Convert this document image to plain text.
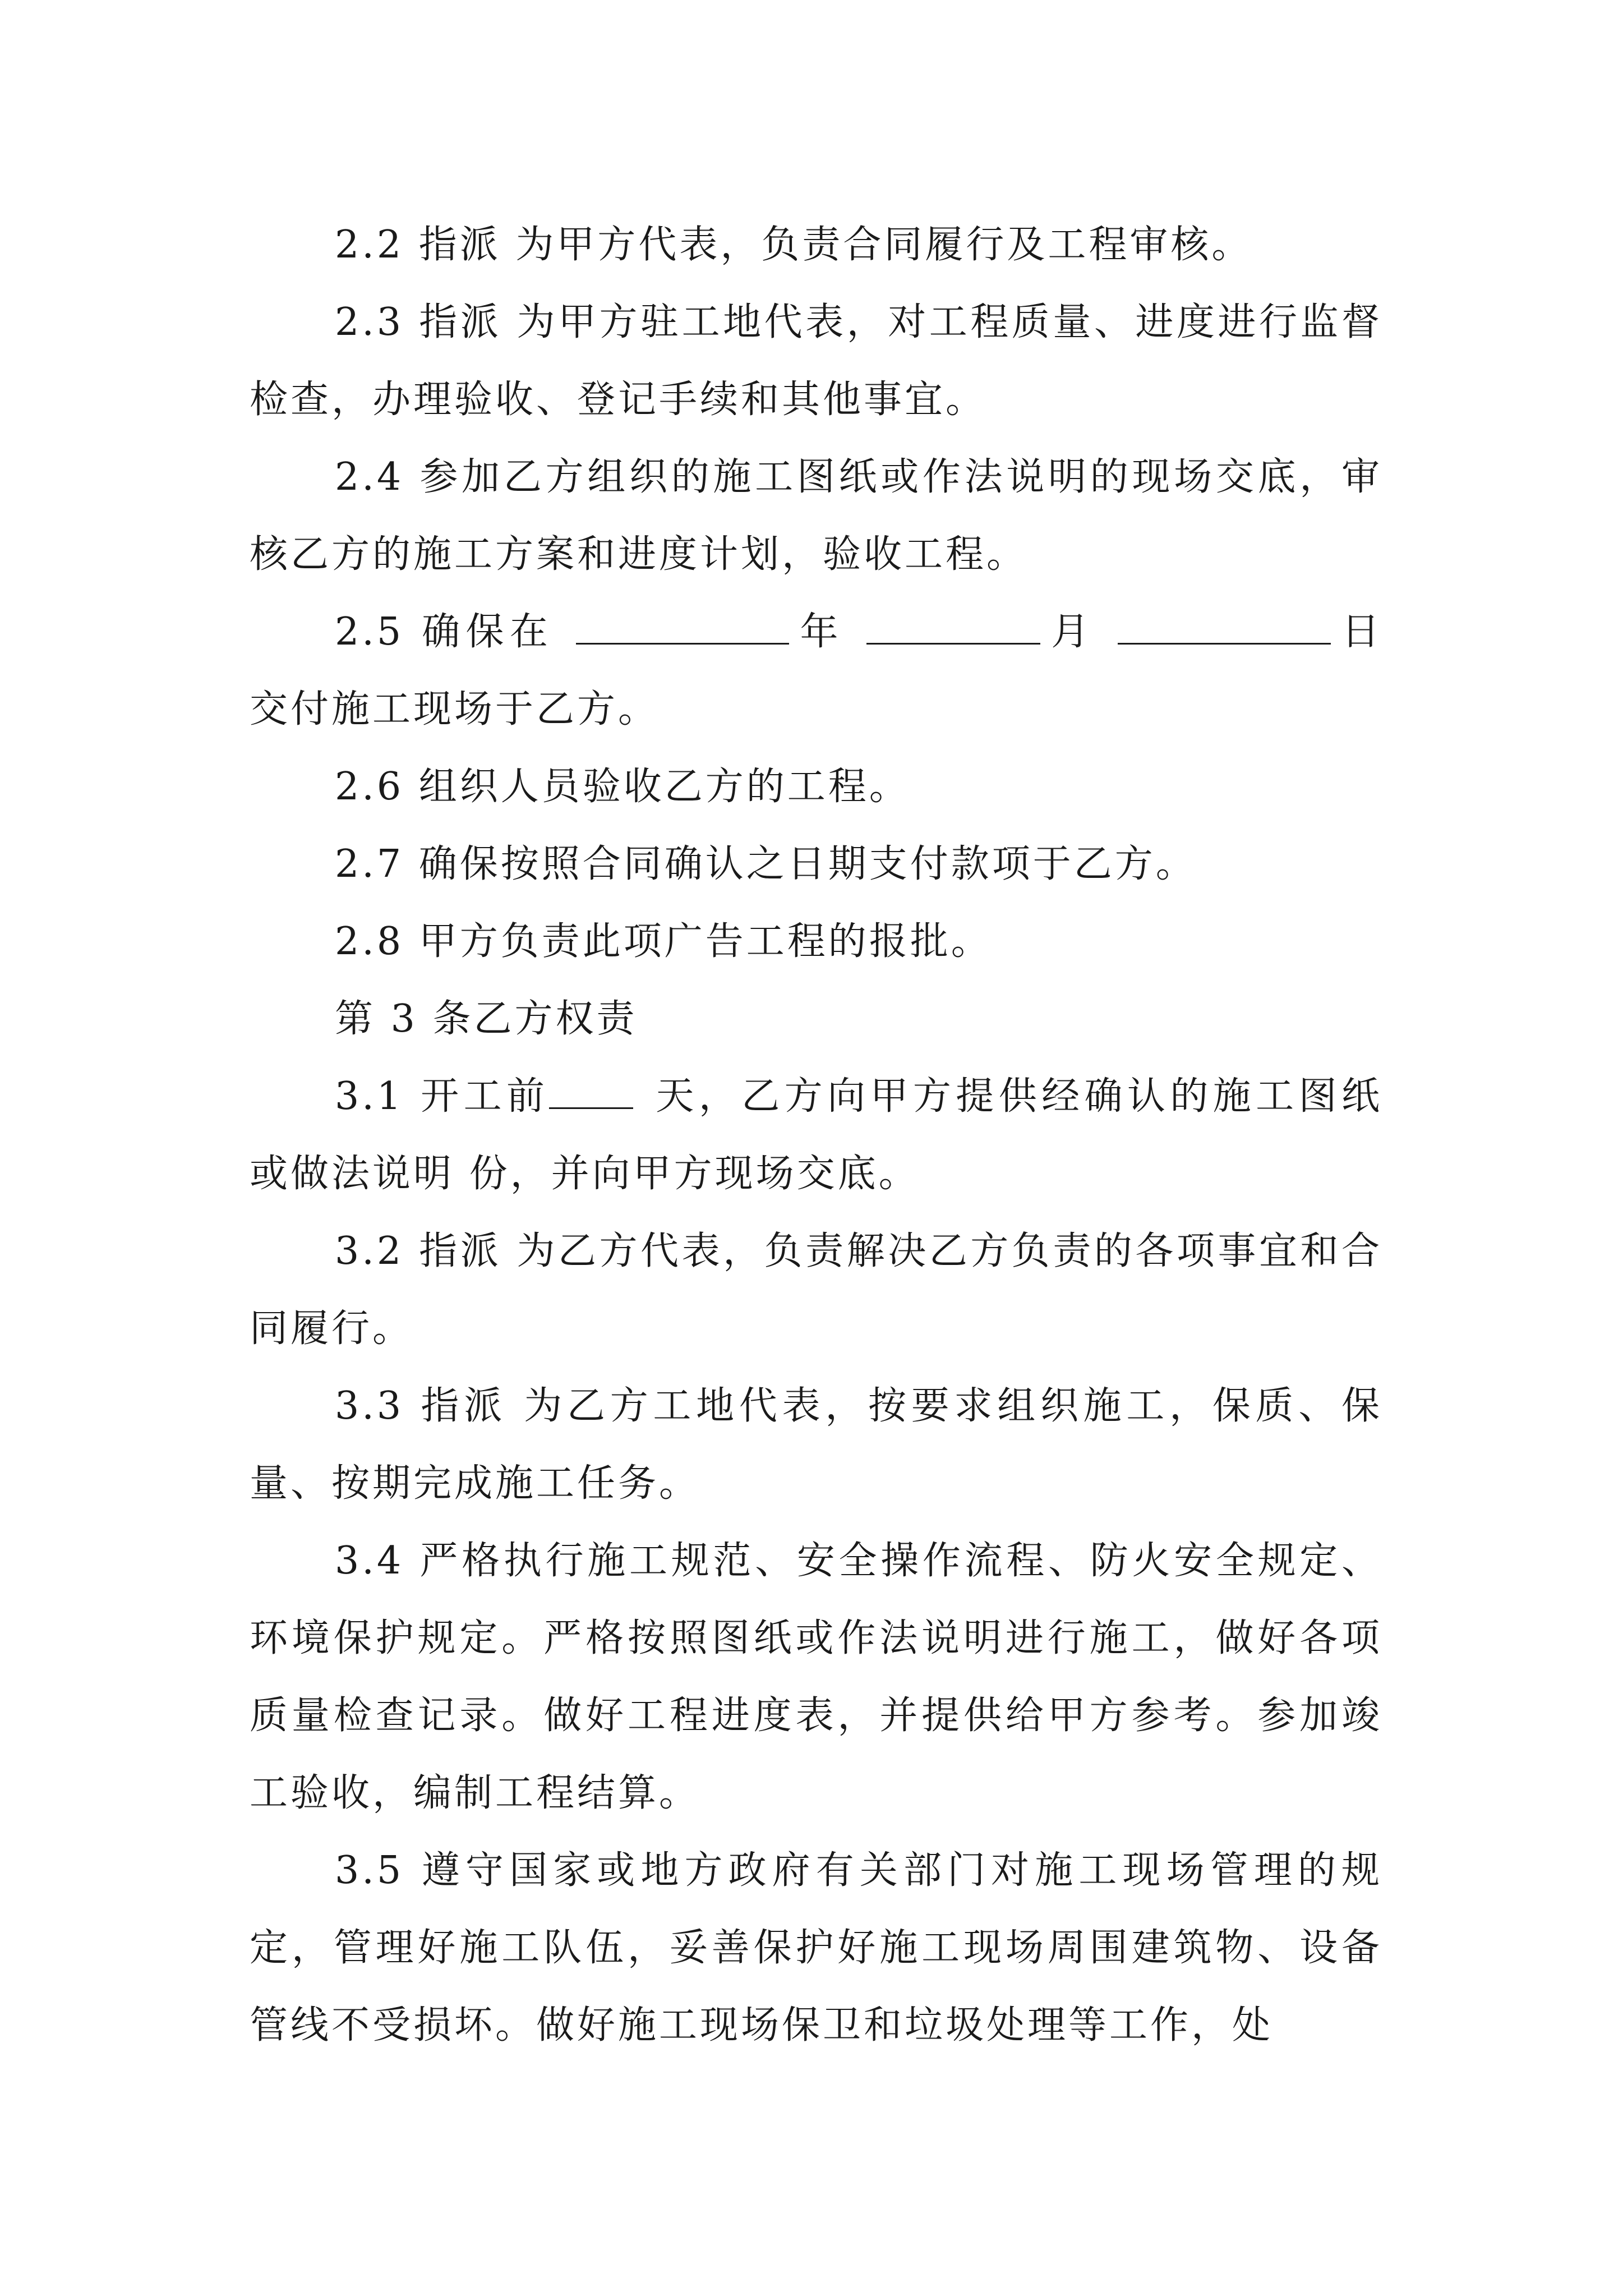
2.2 指派 为甲方代表，负责合同履行及工程审核。

2.3 指派 为甲方驻工地代表，对工程质量、进度进行监督检查，办理验收、登记手续和其他事宜。

2.4 参加乙方组织的施工图纸或作法说明的现场交底，审核乙方的施工方案和进度计划，验收工程。

2.5 确保在	年	月	日交付施工现场于乙方。

2.6 组织人员验收乙方的工程。

2.7 确保按照合同确认之日期支付款项于乙方。

2.8 甲方负责此项广告工程的报批。

第 3 条乙方权责

3.1 开工前 天，乙方向甲方提供经确认的施工图纸或做法说明 份，并向甲方现场交底。

3.2 指派 为乙方代表，负责解决乙方负责的各项事宜和合同履行。

3.3 指派 为乙方工地代表，按要求组织施工，保质、保量、按期完成施工任务。

3.4 严格执行施工规范、安全操作流程、防火安全规定、环境保护规定。严格按照图纸或作法说明进行施工，做好各项质量检查记录。做好工程进度表，并提供给甲方参考。参加竣工验收，编制工程结算。

3.5 遵守国家或地方政府有关部门对施工现场管理的规定，管理好施工队伍，妥善保护好施工现场周围建筑物、设备管线不受损坏。做好施工现场保卫和垃圾处理等工作，处
